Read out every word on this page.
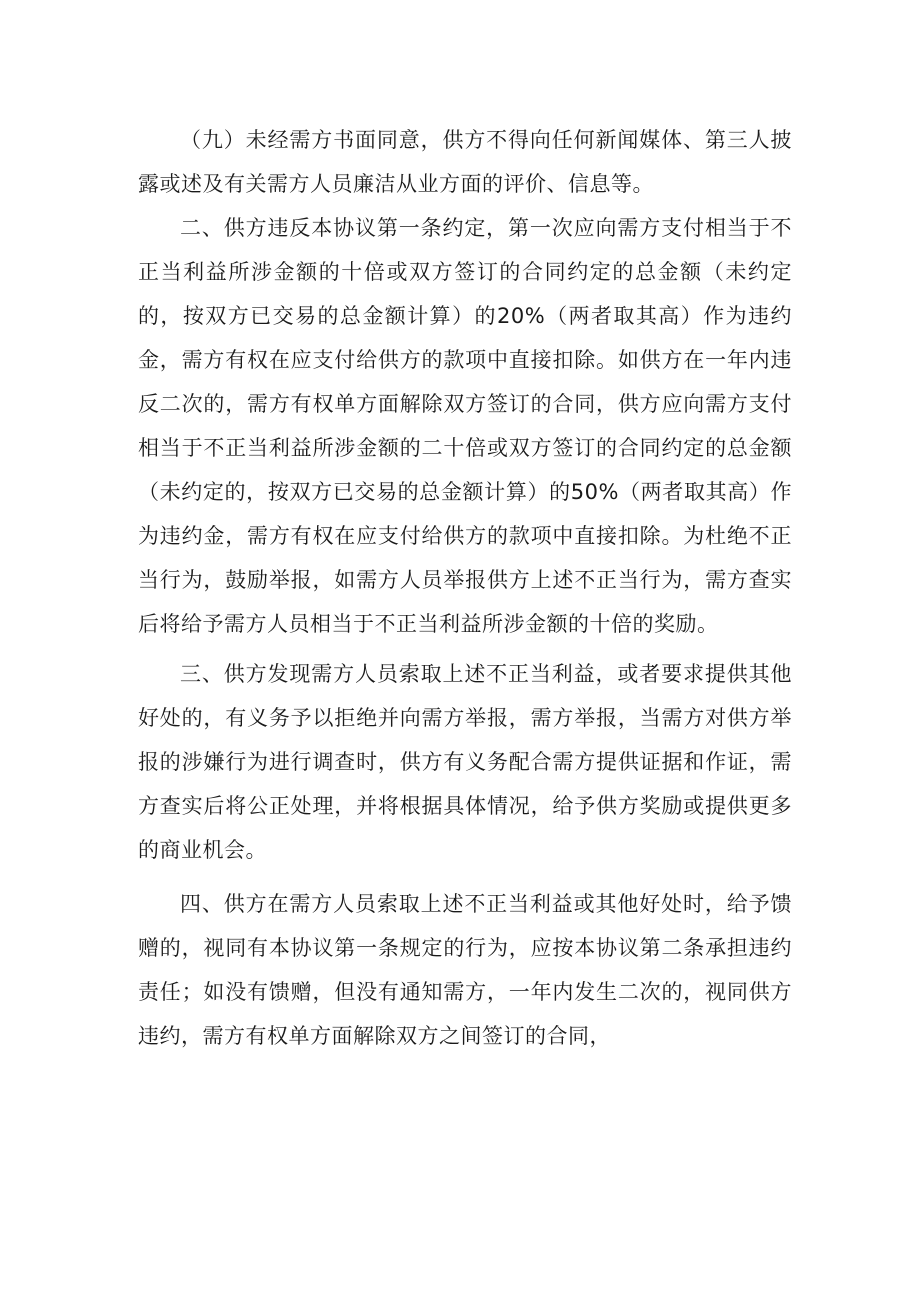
（九）未经需方书面同意，供方不得向任何新闻媒体、第三人披露或述及有关需方人员廉洁从业方面的评价、信息等。

二、供方违反本协议第一条约定，第一次应向需方支付相当于不正当利益所涉金额的十倍或双方签订的合同约定的总金额（未约定的，按双方已交易的总金额计算）的20%（两者取其高）作为违约金，需方有权在应支付给供方的款项中直接扣除。如供方在一年内违反二次的，需方有权单方面解除双方签订的合同，供方应向需方支付相当于不正当利益所涉金额的二十倍或双方签订的合同约定的总金额（未约定的，按双方已交易的总金额计算）的50%（两者取其高）作为违约金，需方有权在应支付给供方的款项中直接扣除。为杜绝不正当行为，鼓励举报，如需方人员举报供方上述不正当行为，需方查实后将给予需方人员相当于不正当利益所涉金额的十倍的奖励。

三、供方发现需方人员索取上述不正当利益，或者要求提供其他好处的，有义务予以拒绝并向需方举报，需方举报，当需方对供方举报的涉嫌行为进行调查时，供方有义务配合需方提供证据和作证，需方查实后将公正处理，并将根据具体情况，给予供方奖励或提供更多的商业机会。

四、供方在需方人员索取上述不正当利益或其他好处时，给予馈赠的，视同有本协议第一条规定的行为，应按本协议第二条承担违约责任；如没有馈赠，但没有通知需方，一年内发生二次的，视同供方违约，需方有权单方面解除双方之间签订的合同，
